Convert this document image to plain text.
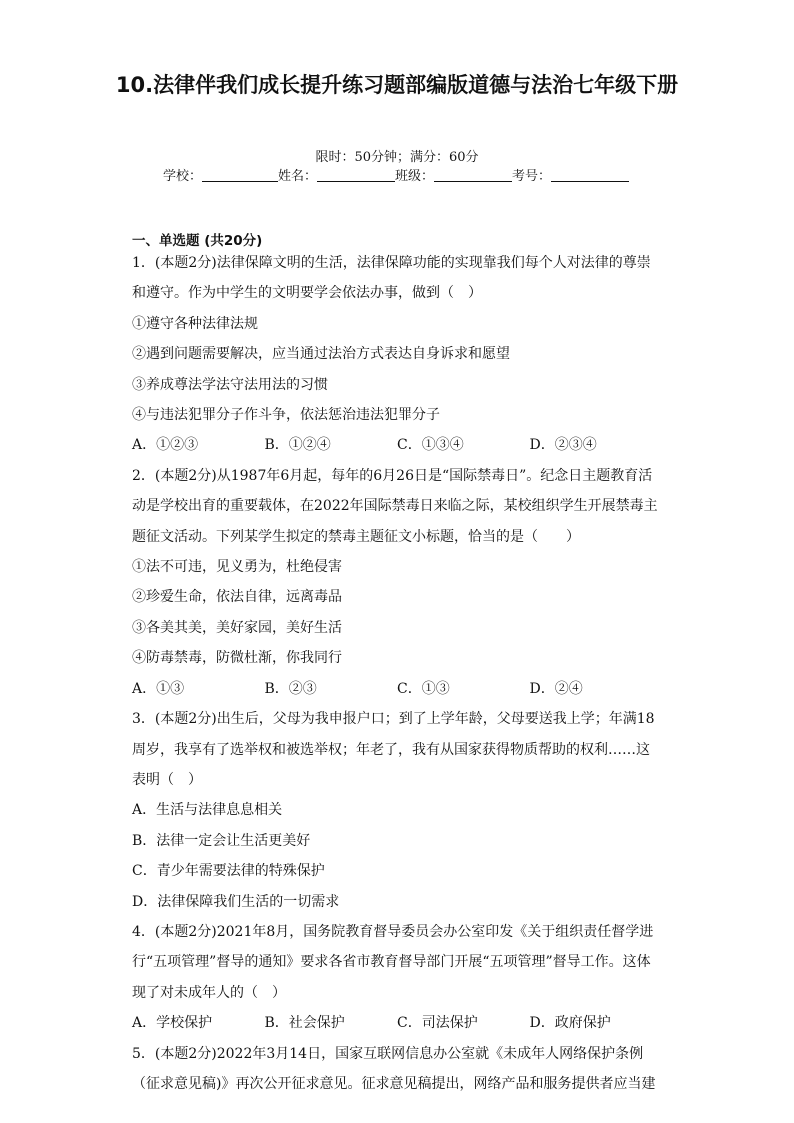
10.法律伴我们成长提升练习题部编版道德与法治七年级下册
限时：50分钟；满分：60分
学校：	姓名：	班级：	考号：
一、单选题 (共20分)

1．(本题2分)法律保障文明的生活，法律保障功能的实现靠我们每个人对法律的尊崇和遵守。作为中学生的文明要学会依法办事，做到（　）

①遵守各种法律法规

②遇到问题需要解决，应当通过法治方式表达自身诉求和愿望

③养成尊法学法守法用法的习惯

④与违法犯罪分子作斗争，依法惩治违法犯罪分子

A．①②③	B．①②④	C．①③④	D．②③④

2．(本题2分)从1987年6月起，每年的6月26日是“国际禁毒日”。纪念日主题教育活动是学校出育的重要载体，在2022年国际禁毒日来临之际，某校组织学生开展禁毒主题征文活动。下列某学生拟定的禁毒主题征文小标题，恰当的是（　　）

①法不可违，见义勇为，杜绝侵害

②珍爱生命，依法自律，远离毒品

③各美其美，美好家园，美好生活

④防毒禁毒，防微杜渐，你我同行

A．①③	B．②③	C．①③	D．②④

3．(本题2分)出生后，父母为我申报户口；到了上学年龄，父母要送我上学；年满18周岁，我享有了选举权和被选举权；年老了，我有从国家获得物质帮助的权利……这表明（　）

A．生活与法律息息相关
B．法律一定会让生活更美好
C．青少年需要法律的特殊保护
D．法律保障我们生活的一切需求

4．(本题2分)2021年8月，国务院教育督导委员会办公室印发《关于组织责任督学进行“五项管理”督导的通知》要求各省市教育督导部门开展“五项管理”督导工作。这体现了对未成年人的（　）

A．学校保护	B．社会保护	C．司法保护	D．政府保护

5．(本题2分)2022年3月14日，国家互联网信息办公室就《未成年人网络保护条例（征求意见稿)》再次公开征求意见。征求意见稿提出，网络产品和服务提供者应当建
